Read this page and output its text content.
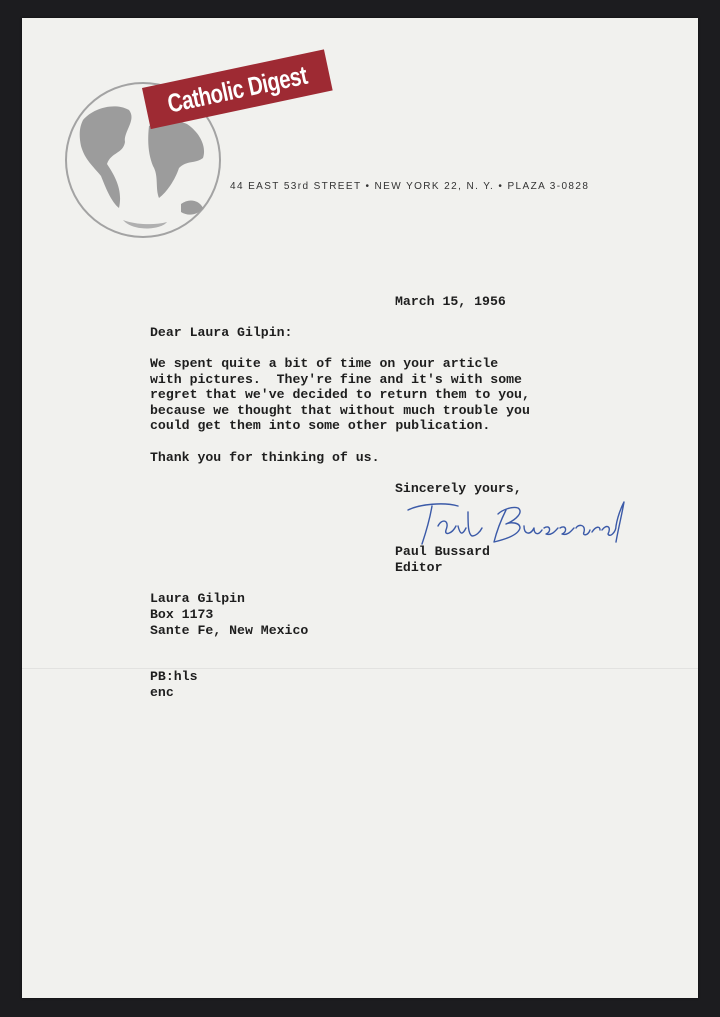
Catholic Digest
44 EAST 53rd STREET • NEW YORK 22, N. Y. • PLAZA 3-0828
March 15, 1956
Dear Laura Gilpin:
We spent quite a bit of time on your article
with pictures.  They're fine and it's with some
regret that we've decided to return them to you,
because we thought that without much trouble you
could get them into some other publication.
Thank you for thinking of us.
Sincerely yours,
Paul Bussard
Editor
Laura Gilpin
Box 1173
Sante Fe, New Mexico
PB:hls
enc
